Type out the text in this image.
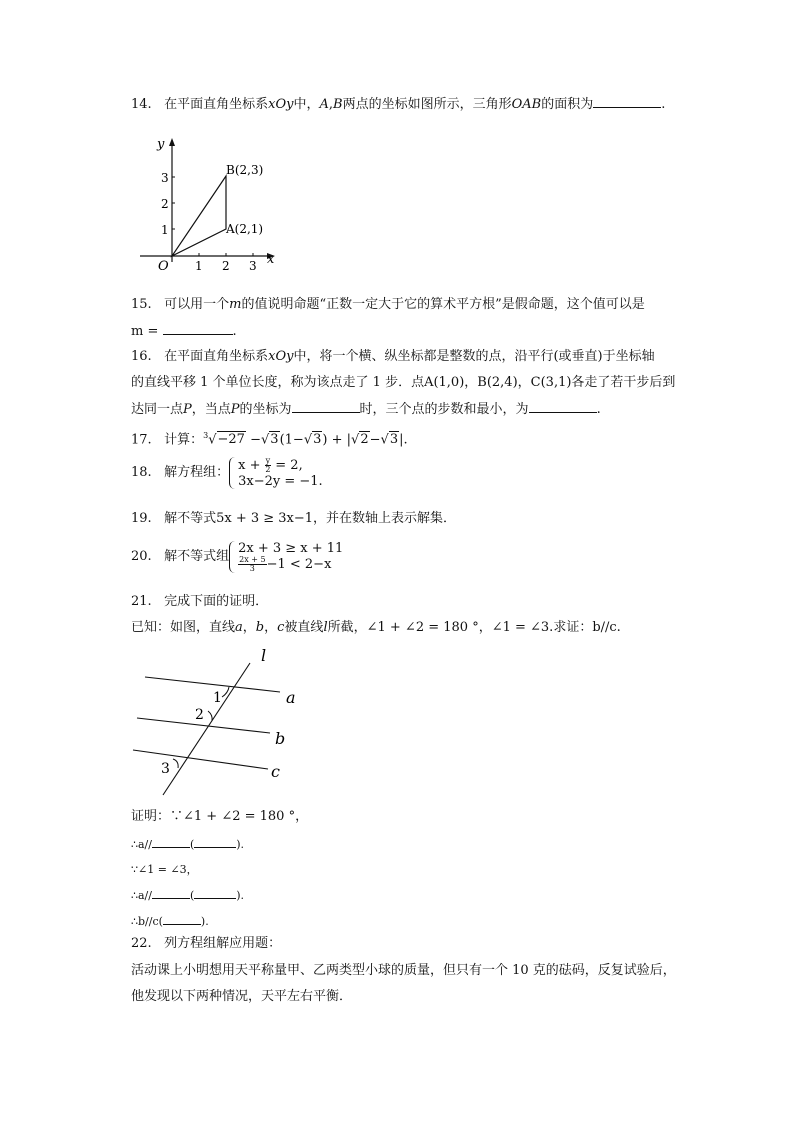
14. 在平面直角坐标系xOy中，A,B两点的坐标如图所示，三角形OAB的面积为	.
y
x
O 1 2 3
1
2
3
B(2,3)
A(2,1)
15. 可以用一个m的值说明命题“正数一定大于它的算术平方根”是假命题，这个值可以是
m =	.
16. 在平面直角坐标系xOy中，将一个横、纵坐标都是整数的点，沿平行(或垂直)于坐标轴
的直线平移 1 个单位长度，称为该点走了 1 步．点A(1,0)，B(2,4)，C(3,1)各走了若干步后到
达同一点P，当点P的坐标为	时，三个点的步数和最小，为	.
17. 计算：$^3$√−27 −√3(1−√3) + |√2−√3|.
18. 解方程组： $x + \frac{y}{2} = 2$,
3x−2y = −1.
19. 解不等式5x + 3 ≥ 3x−1，并在数轴上表示解集．
20. 解不等式组
2x + 3 ≥ x + 11
$\frac{2x + 5}{3} -1 < 2-x$
21. 完成下面的证明．
已知：如图，直线a，b，c被直线l所截，∠1 + ∠2 = 180 °，∠1 = ∠3.求证：b//c.
l
a
b
c
1
2
3
证明：∵∠1 + ∠2 = 180 °，
∴a//	(	).
∵∠1 = ∠3，
∴a//	(	).
∴b//c(	).
22. 列方程组解应用题：
活动课上小明想用天平称量甲、乙两类型小球的质量，但只有一个 10 克的砝码，反复试验后，
他发现以下两种情况，天平左右平衡．
